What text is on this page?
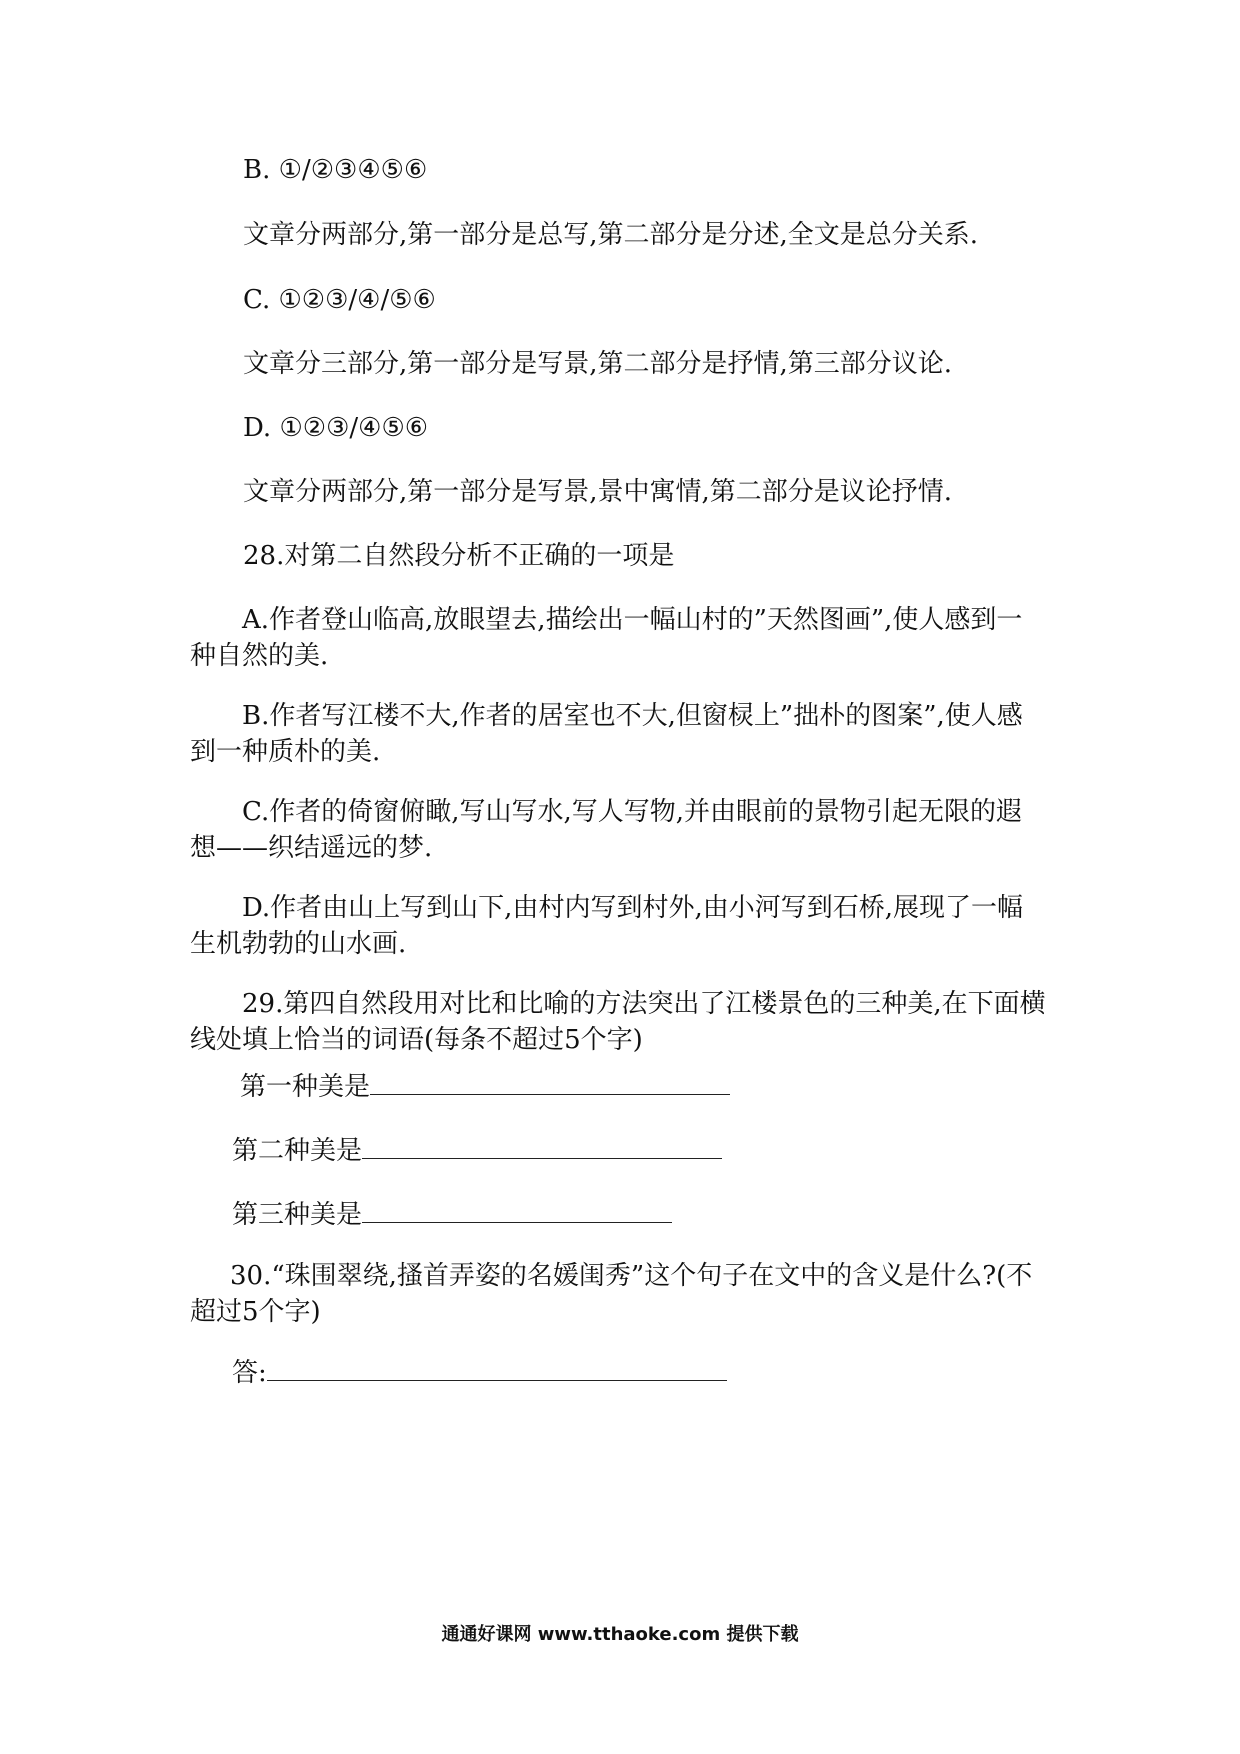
B. ①/②③④⑤⑥
文章分两部分,第一部分是总写,第二部分是分述,全文是总分关系.
C. ①②③/④/⑤⑥
文章分三部分,第一部分是写景,第二部分是抒情,第三部分议论.
D. ①②③/④⑤⑥
文章分两部分,第一部分是写景,景中寓情,第二部分是议论抒情.
28.对第二自然段分析不正确的一项是
A.作者登山临高,放眼望去,描绘出一幅山村的”天然图画”,使人感到一种自然的美.
B.作者写江楼不大,作者的居室也不大,但窗棂上”拙朴的图案”,使人感到一种质朴的美.
C.作者的倚窗俯瞰,写山写水,写人写物,并由眼前的景物引起无限的遐想——织结遥远的梦.
D.作者由山上写到山下,由村内写到村外,由小河写到石桥,展现了一幅生机勃勃的山水画.
29.第四自然段用对比和比喻的方法突出了江楼景色的三种美,在下面横线处填上恰当的词语(每条不超过5个字)
第一种美是
第二种美是
第三种美是
30.“珠围翠绕,搔首弄姿的名媛闺秀”这个句子在文中的含义是什么?(不超过5个字)
答:
通通好课网 www.tthaoke.com 提供下载
